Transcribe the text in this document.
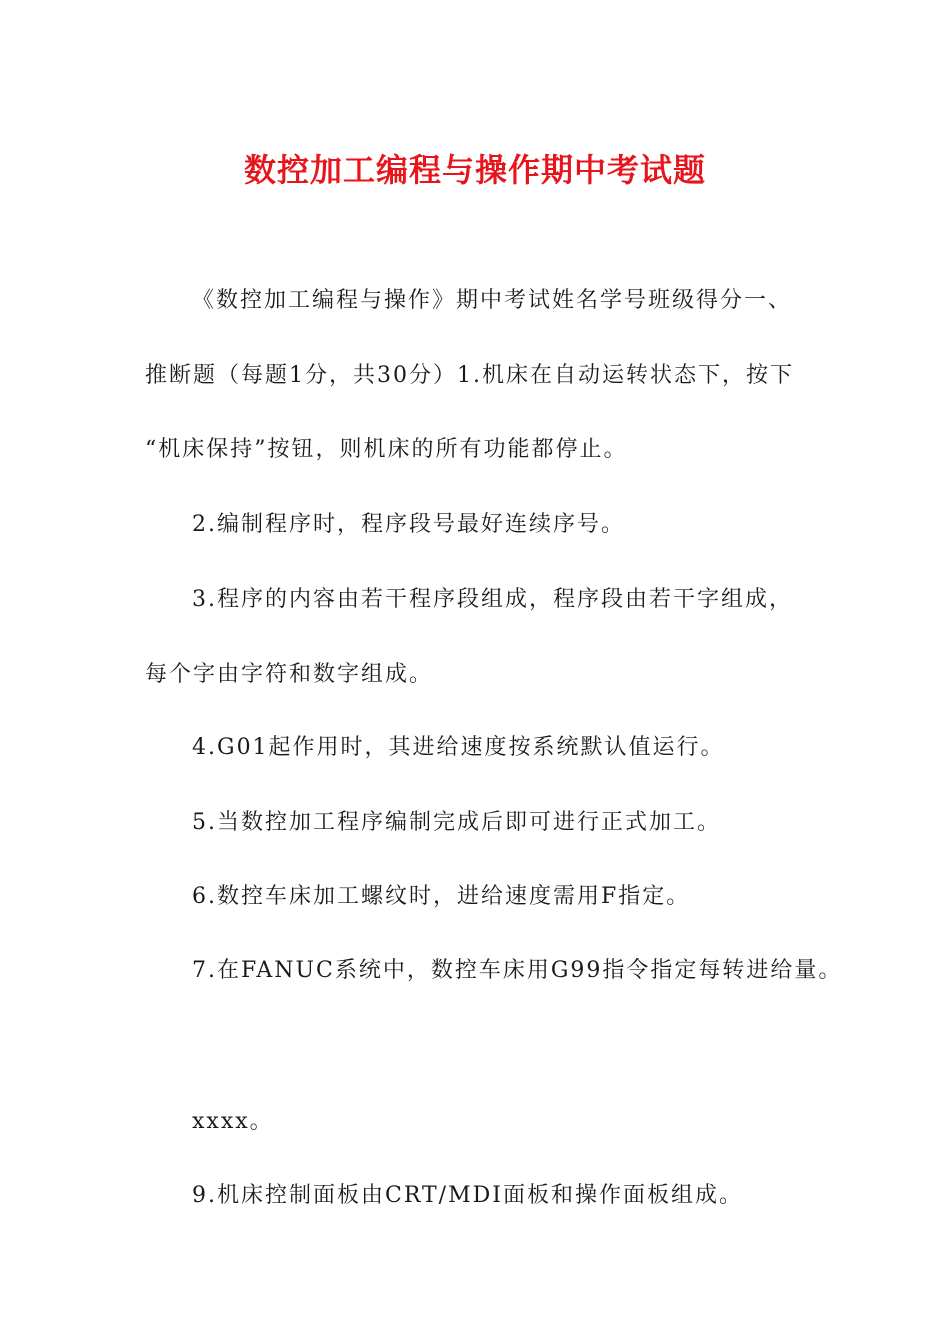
数控加工编程与操作期中考试题
《数控加工编程与操作》期中考试姓名学号班级得分一、
推断题（每题1分，共30分）1.机床在自动运转状态下，按下
“机床保持”按钮，则机床的所有功能都停止。
2.编制程序时，程序段号最好连续序号。
3.程序的内容由若干程序段组成，程序段由若干字组成，
每个字由字符和数字组成。
4.G01起作用时，其进给速度按系统默认值运行。
5.当数控加工程序编制完成后即可进行正式加工。
6.数控车床加工螺纹时，进给速度需用F指定。
7.在FANUC系统中，数控车床用G99指令指定每转进给量。
xxxx。
9.机床控制面板由CRT/MDI面板和操作面板组成。
